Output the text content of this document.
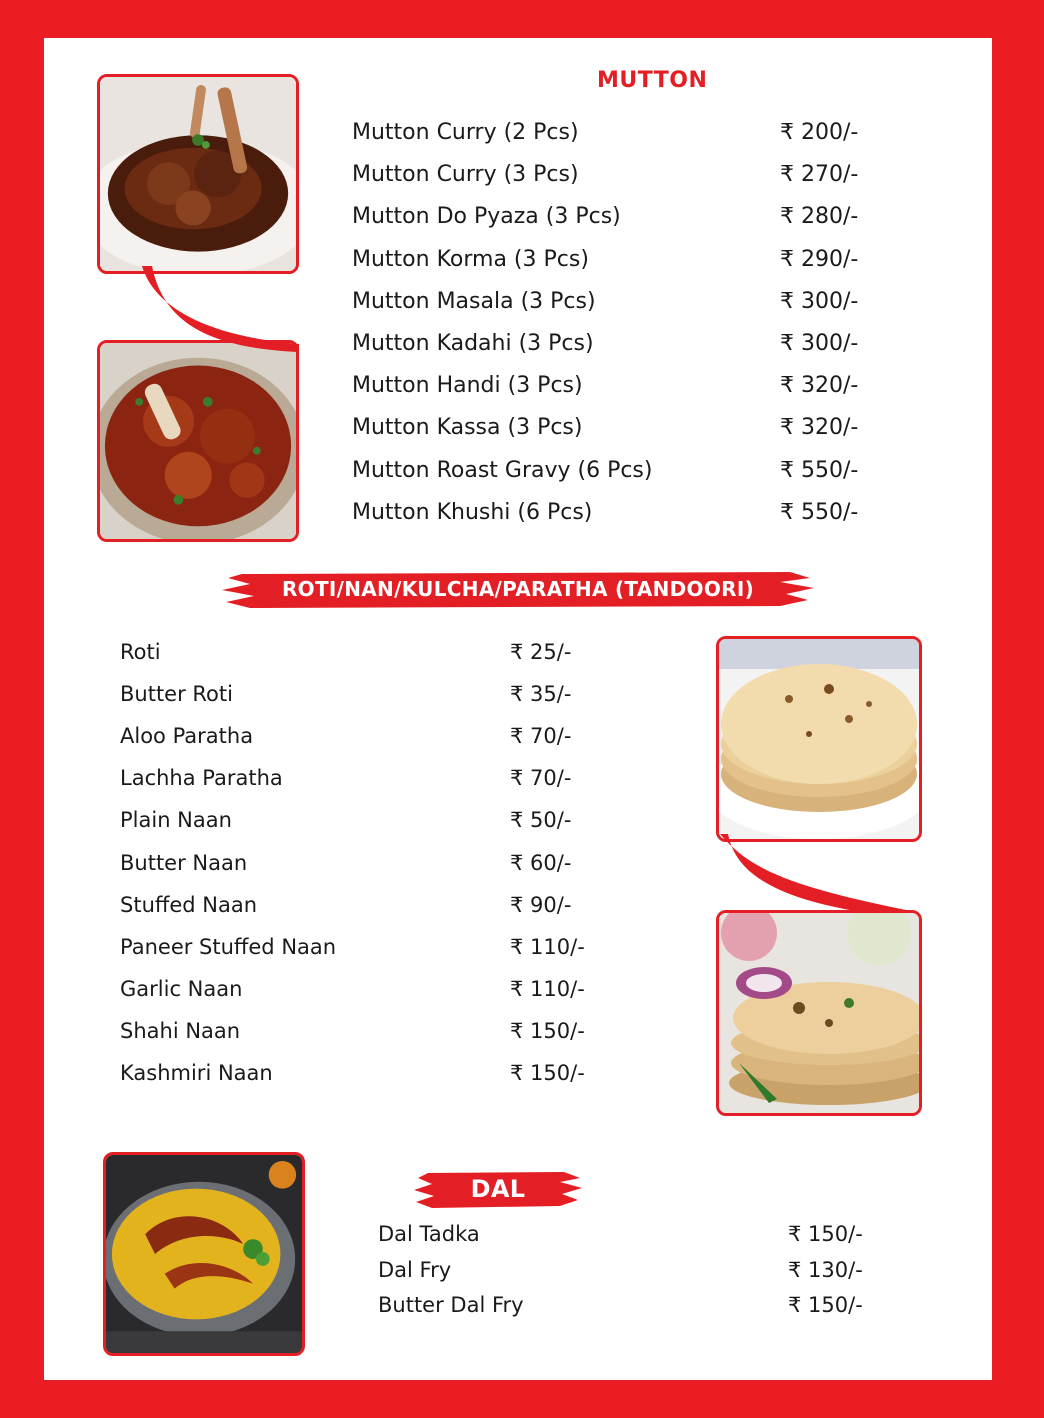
MUTTON
Mutton Curry (2 Pcs)	₹ 200/-
Mutton Curry (3 Pcs)	₹ 270/-
Mutton Do Pyaza (3 Pcs)	₹ 280/-
Mutton Korma (3 Pcs)	₹ 290/-
Mutton Masala (3 Pcs)	₹ 300/-
Mutton Kadahi (3 Pcs)	₹ 300/-
Mutton Handi (3 Pcs)	₹ 320/-
Mutton Kassa (3 Pcs)	₹ 320/-
Mutton Roast Gravy (6 Pcs)	₹ 550/-
Mutton Khushi (6 Pcs)	₹ 550/-
ROTI/NAN/KULCHA/PARATHA (TANDOORI)
Roti	₹ 25/-
Butter Roti	₹ 35/-
Aloo Paratha	₹ 70/-
Lachha Paratha	₹ 70/-
Plain Naan	₹ 50/-
Butter Naan	₹ 60/-
Stuffed Naan	₹ 90/-
Paneer Stuffed Naan	₹ 110/-
Garlic Naan	₹ 110/-
Shahi Naan	₹ 150/-
Kashmiri Naan	₹ 150/-
DAL
Dal Tadka	₹ 150/-
Dal Fry	₹ 130/-
Butter Dal Fry	₹ 150/-
